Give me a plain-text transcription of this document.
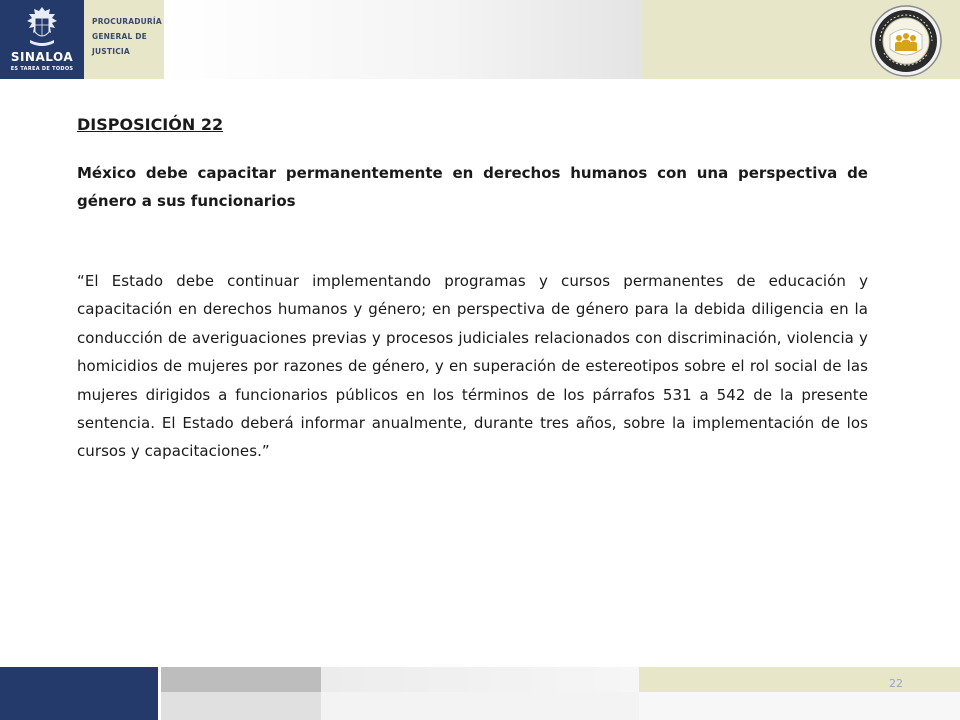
SINALOA
ES TAREA DE TODOS
PROCURADURÍA
GENERAL DE
JUSTICIA
DISPOSICIÓN 22

México debe capacitar permanentemente en derechos humanos con una perspectiva de género a sus funcionarios

“El Estado debe continuar implementando programas y cursos permanentes de educación y capacitación en derechos humanos y género; en perspectiva de género para la debida diligencia en la conducción de averiguaciones previas y procesos judiciales relacionados con discriminación, violencia y homicidios de mujeres por razones de género, y en superación de estereotipos sobre el rol social de las mujeres dirigidos a funcionarios públicos en los términos de los párrafos 531 a 542 de la presente sentencia. El Estado deberá informar anualmente, durante tres años, sobre la implementación de los cursos y capacitaciones.”

22
